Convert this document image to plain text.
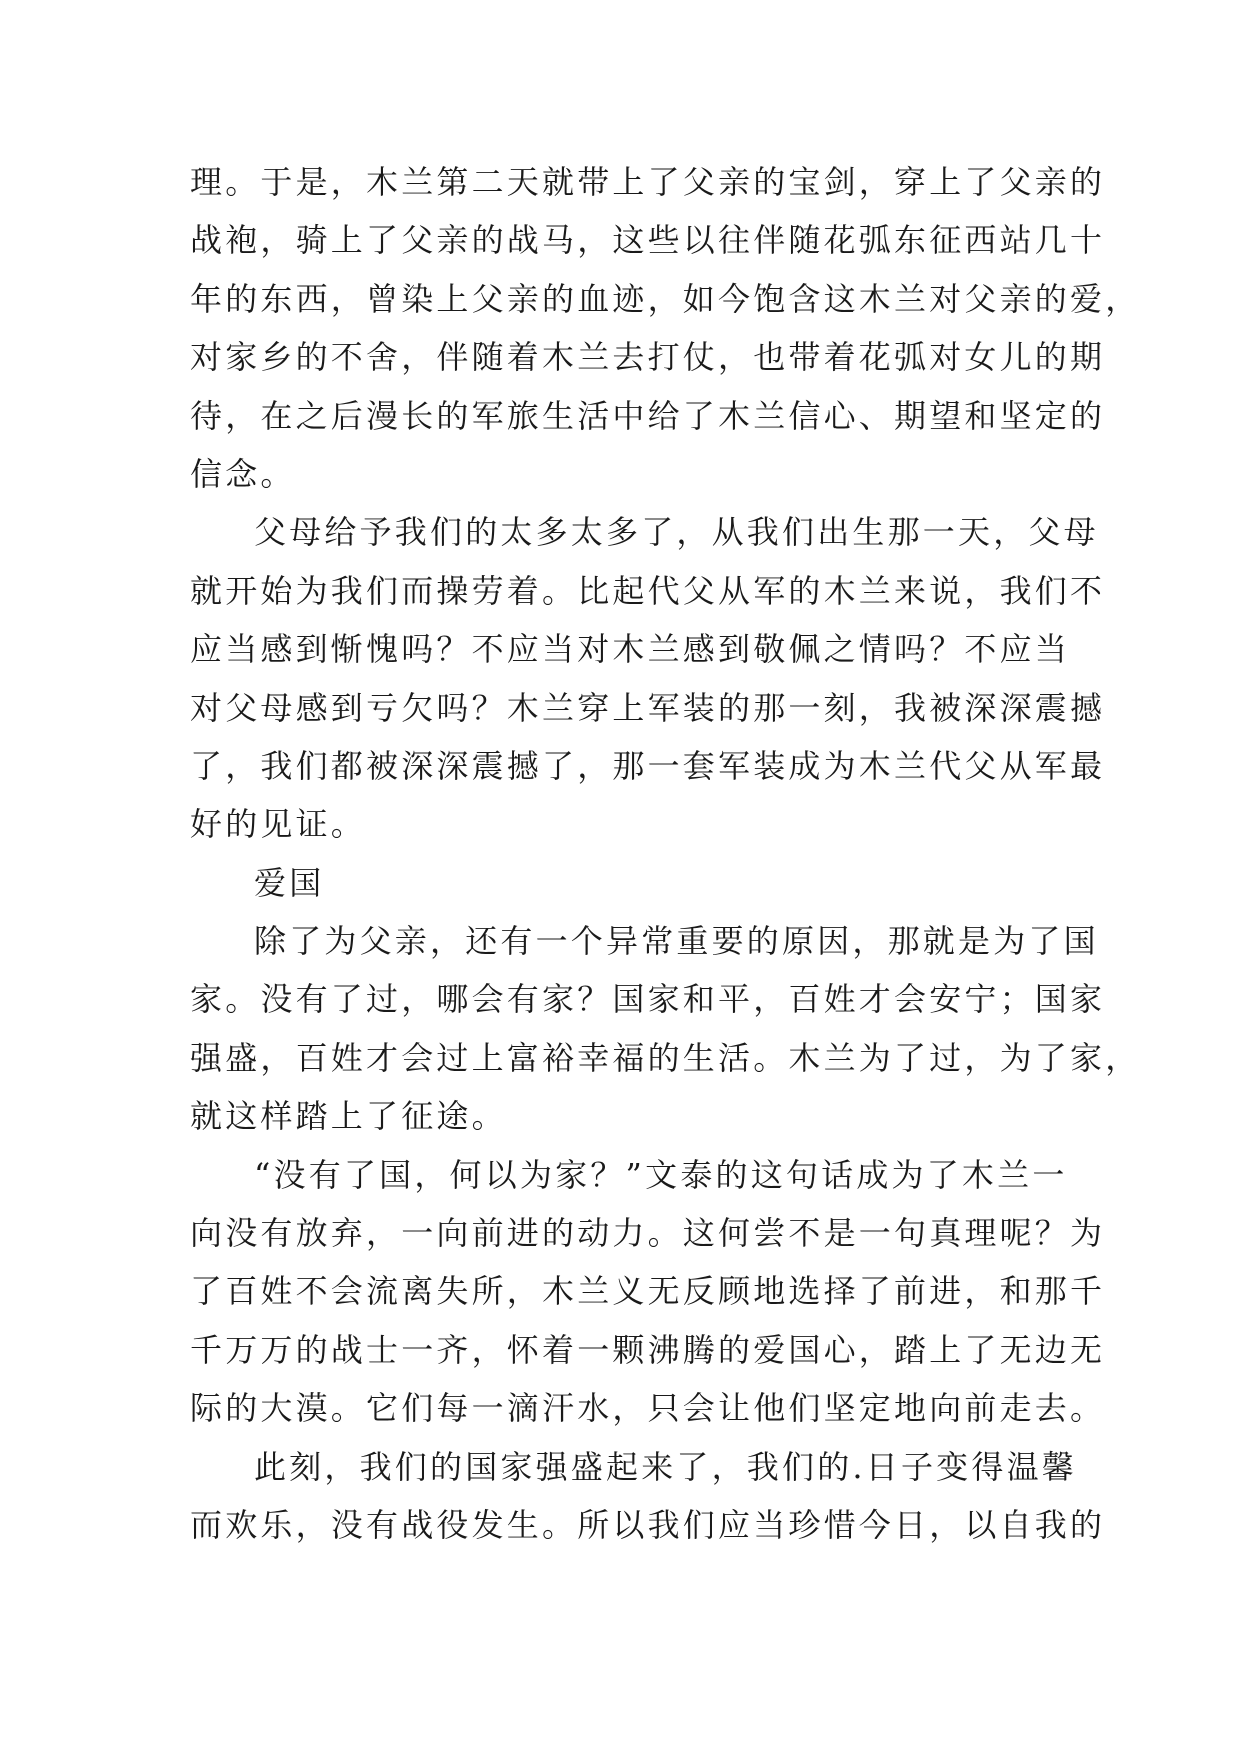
理。于是，木兰第二天就带上了父亲的宝剑，穿上了父亲的
战袍，骑上了父亲的战马，这些以往伴随花弧东征西站几十
年的东西，曾染上父亲的血迹，如今饱含这木兰对父亲的爱，
对家乡的不舍，伴随着木兰去打仗，也带着花弧对女儿的期
待，在之后漫长的军旅生活中给了木兰信心、期望和坚定的
信念。
父母给予我们的太多太多了，从我们出生那一天，父母
就开始为我们而操劳着。比起代父从军的木兰来说，我们不
应当感到惭愧吗？不应当对木兰感到敬佩之情吗？不应当
对父母感到亏欠吗？木兰穿上军装的那一刻，我被深深震撼
了，我们都被深深震撼了，那一套军装成为木兰代父从军最
好的见证。
爱国
除了为父亲，还有一个异常重要的原因，那就是为了国
家。没有了过，哪会有家？国家和平，百姓才会安宁；国家
强盛，百姓才会过上富裕幸福的生活。木兰为了过，为了家，
就这样踏上了征途。
“没有了国，何以为家？”文泰的这句话成为了木兰一
向没有放弃，一向前进的动力。这何尝不是一句真理呢？为
了百姓不会流离失所，木兰义无反顾地选择了前进，和那千
千万万的战士一齐，怀着一颗沸腾的爱国心，踏上了无边无
际的大漠。它们每一滴汗水，只会让他们坚定地向前走去。
此刻，我们的国家强盛起来了，我们的.日子变得温馨
而欢乐，没有战役发生。所以我们应当珍惜今日，以自我的
